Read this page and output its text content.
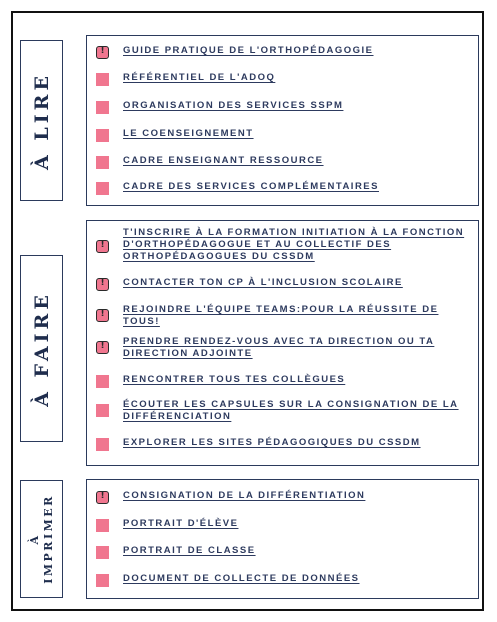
À LIRE
!
GUIDE PRATIQUE DE L'ORTHOPÉDAGOGIE
RÉFÉRENTIEL DE L'ADOQ
ORGANISATION DES SERVICES SSPM
LE COENSEIGNEMENT
CADRE ENSEIGNANT RESSOURCE
CADRE DES SERVICES COMPLÉMENTAIRES
À FAIRE
!
T'INSCRIRE À LA FORMATION INITIATION À LA FONCTION D'ORTHOPÉDAGOGUE ET AU COLLECTIF DES ORTHOPÉDAGOGUES DU CSSDM
!
CONTACTER TON CP À L'INCLUSION SCOLAIRE
!
REJOINDRE L'ÉQUIPE TEAMS:POUR LA RÉUSSITE DE TOUS!
!
PRENDRE RENDEZ-VOUS AVEC TA DIRECTION OU TA DIRECTION ADJOINTE
RENCONTRER TOUS TES COLLÈGUES
ÉCOUTER LES CAPSULES SUR LA CONSIGNATION DE LA DIFFÉRENCIATION
EXPLORER LES SITES PÉDAGOGIQUES DU CSSDM
À
IMPRIMER
!	CONSIGNATION DE LA DIFFÉRENTIATION
PORTRAIT D'ÉLÈVE
PORTRAIT DE CLASSE
DOCUMENT DE COLLECTE DE DONNÉES
